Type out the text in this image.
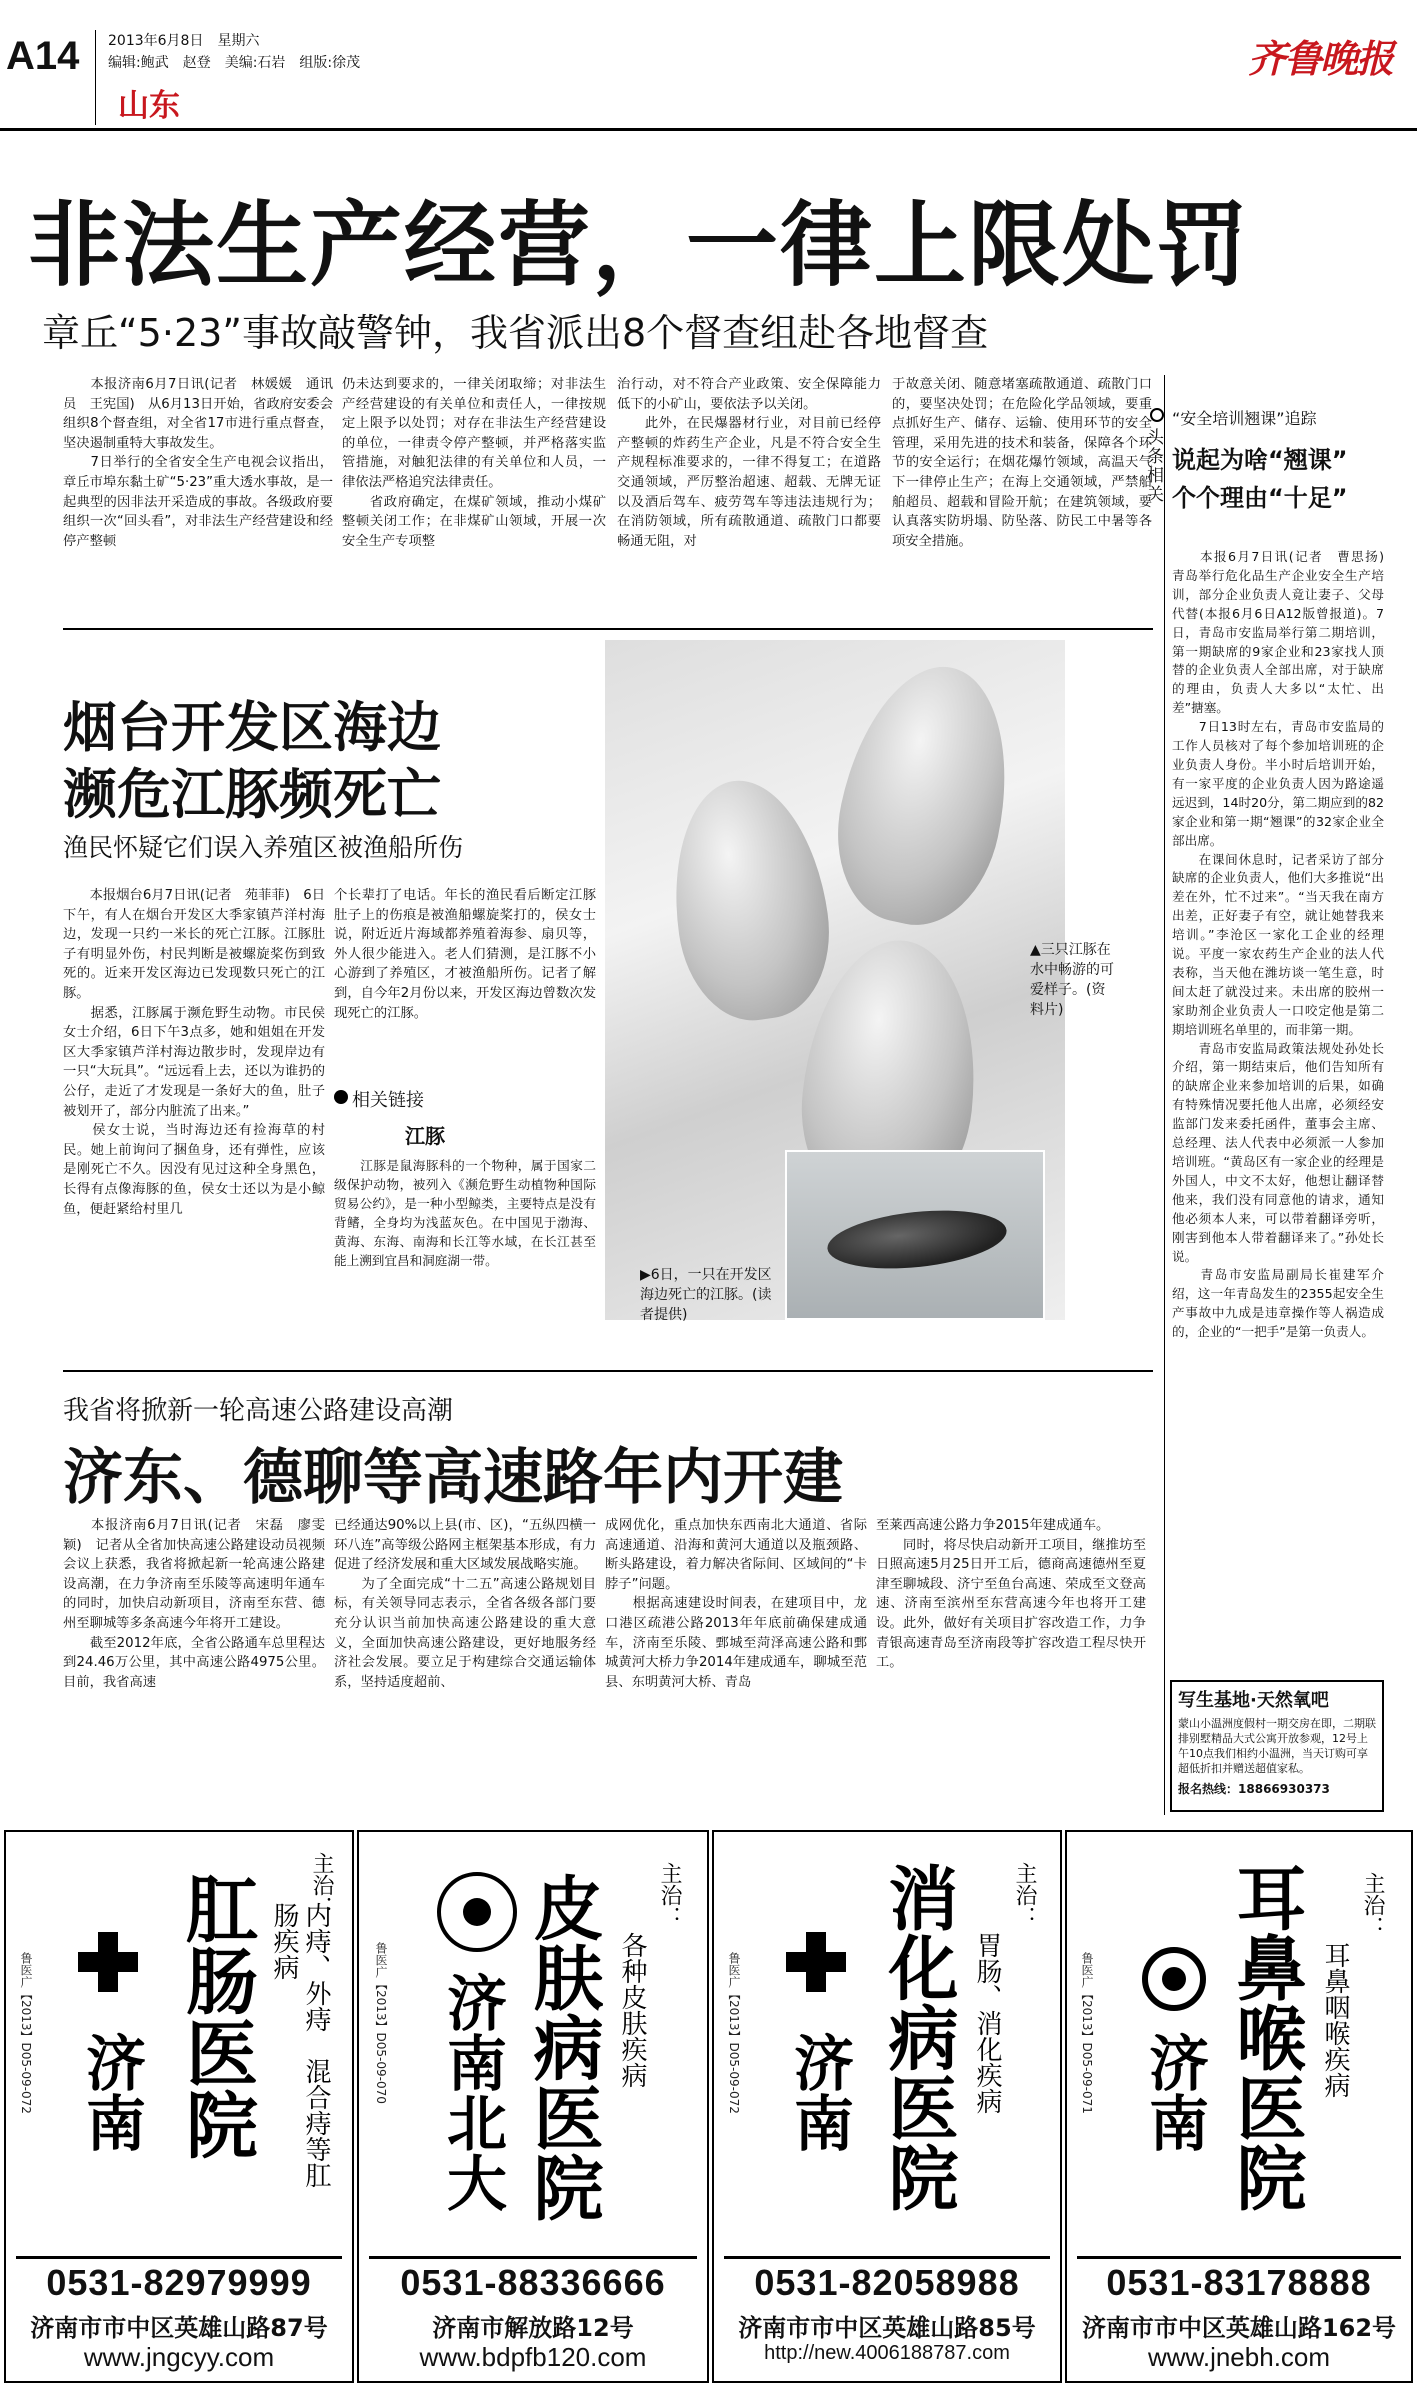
A14 2013年6月8日　星期六
编辑:鲍武　赵登　美编:石岩　组版:徐茂
山东
齐鲁晚报
非法生产经营，一律上限处罚
章丘“5·23”事故敲警钟，我省派出8个督查组赴各地督查
　　本报济南6月7日讯(记者　林媛媛　通讯员　王宪国)　从6月13日开始，省政府安委会组织8个督查组，对全省17市进行重点督查，坚决遏制重特大事故发生。
　　7日举行的全省安全生产电视会议指出，章丘市埠东黏土矿“5·23”重大透水事故，是一起典型的因非法开采造成的事故。各级政府要组织一次“回头看”，对非法生产经营建设和经停产整顿
仍未达到要求的，一律关闭取缔；对非法生产经营建设的有关单位和责任人，一律按规定上限予以处罚；对存在非法生产经营建设的单位，一律责令停产整顿，并严格落实监管措施，对触犯法律的有关单位和人员，一律依法严格追究法律责任。
　　省政府确定，在煤矿领域，推动小煤矿整顿关闭工作；在非煤矿山领域，开展一次安全生产专项整
治行动，对不符合产业政策、安全保障能力低下的小矿山，要依法予以关闭。
　　此外，在民爆器材行业，对目前已经停产整顿的炸药生产企业，凡是不符合安全生产规程标准要求的，一律不得复工；在道路交通领域，严厉整治超速、超载、无牌无证以及酒后驾车、疲劳驾车等违法违规行为；在消防领域，所有疏散通道、疏散门口都要畅通无阻，对
于故意关闭、随意堵塞疏散通道、疏散门口的，要坚决处罚；在危险化学品领域，要重点抓好生产、储存、运输、使用环节的安全管理，采用先进的技术和装备，保障各个环节的安全运行；在烟花爆竹领域，高温天气下一律停止生产；在海上交通领域，严禁船舶超员、超载和冒险开航；在建筑领域，要认真落实防坍塌、防坠落、防民工中暑等各项安全措施。
头条相关
“安全培训翘课”追踪
说起为啥“翘课”
个个理由“十足”
　　本报6月7日讯(记者　曹思扬)　青岛举行危化品生产企业安全生产培训，部分企业负责人竟让妻子、父母代替(本报6月6日A12版曾报道)。7日，青岛市安监局举行第二期培训，第一期缺席的9家企业和23家找人顶替的企业负责人全部出席，对于缺席的理由，负责人大多以“太忙、出差”搪塞。
　　7日13时左右，青岛市安监局的工作人员核对了每个参加培训班的企业负责人身份。半小时后培训开始，有一家平度的企业负责人因为路途遥远迟到，14时20分，第二期应到的82家企业和第一期“翘课”的32家企业全部出席。
　　在课间休息时，记者采访了部分缺席的企业负责人，他们大多推说“出差在外，忙不过来”。“当天我在南方出差，正好妻子有空，就让她替我来培训。”李沧区一家化工企业的经理说。平度一家农药生产企业的法人代表称，当天他在潍坊谈一笔生意，时间太赶了就没过来。未出席的胶州一家助剂企业负责人一口咬定他是第二期培训班名单里的，而非第一期。
　　青岛市安监局政策法规处孙处长介绍，第一期结束后，他们告知所有的缺席企业来参加培训的后果，如确有特殊情况要托他人出席，必须经安监部门发来委托函件，董事会主席、总经理、法人代表中必须派一人参加培训班。“黄岛区有一家企业的经理是外国人，中文不太好，他想让翻译替他来，我们没有同意他的请求，通知他必须本人来，可以带着翻译旁听，刚害到他本人带着翻译来了。”孙处长说。
　　青岛市安监局副局长崔建军介绍，这一年青岛发生的2355起安全生产事故中九成是违章操作等人祸造成的，企业的“一把手”是第一负责人。
写生基地·天然氧吧
蒙山小温洲度假村一期交房在即，二期联排别墅精品大式公寓开放参观，12号上午10点我们相约小温洲，当天订购可享超低折扣并赠送超值家私。
报名热线：18866930373
烟台开发区海边
濒危江豚频死亡
渔民怀疑它们误入养殖区被渔船所伤
　　本报烟台6月7日讯(记者　苑菲菲)　6日下午，有人在烟台开发区大季家镇芦洋村海边，发现一只约一米长的死亡江豚。江豚肚子有明显外伤，村民判断是被螺旋桨伤到致死的。近来开发区海边已发现数只死亡的江豚。
　　据悉，江豚属于濒危野生动物。市民侯女士介绍，6日下午3点多，她和姐姐在开发区大季家镇芦洋村海边散步时，发现岸边有一只“大玩具”。“远远看上去，还以为谁扔的公仔，走近了才发现是一条好大的鱼，肚子被划开了，部分内脏流了出来。”
　　侯女士说，当时海边还有捡海草的村民。她上前询问了捆鱼身，还有弹性，应该是刚死亡不久。因没有见过这种全身黑色，长得有点像海豚的鱼，侯女士还以为是小鲸鱼，便赶紧给村里几
个长辈打了电话。年长的渔民看后断定江豚肚子上的伤痕是被渔船螺旋桨打的，侯女士说，附近近片海域都养殖着海参、扇贝等，外人很少能进入。老人们猜测，是江豚不小心游到了养殖区，才被渔船所伤。记者了解到，自今年2月份以来，开发区海边曾数次发现死亡的江豚。
相关链接
江豚
　　江豚是鼠海豚科的一个物种，属于国家二级保护动物，被列入《濒危野生动植物种国际贸易公约》，是一种小型鲸类，主要特点是没有背鳍，全身均为浅蓝灰色。在中国见于渤海、黄海、东海、南海和长江等水域，在长江甚至能上溯到宜昌和洞庭湖一带。
▲三只江豚在水中畅游的可爱样子。(资料片)
▶6日，一只在开发区海边死亡的江豚。(读者提供)
我省将掀新一轮高速公路建设高潮
济东、德聊等高速路年内开建
　　本报济南6月7日讯(记者　宋磊　廖雯颖)　记者从全省加快高速公路建设动员视频会议上获悉，我省将掀起新一轮高速公路建设高潮，在力争济南至乐陵等高速明年通车的同时，加快启动新项目，济南至东营、德州至聊城等多条高速今年将开工建设。
　　截至2012年底，全省公路通车总里程达到24.46万公里，其中高速公路4975公里。目前，我省高速
已经通达90%以上县(市、区)，“五纵四横一环八连”高等级公路网主框架基本形成，有力促进了经济发展和重大区域发展战略实施。
　　为了全面完成“十二五”高速公路规划目标，有关领导同志表示，全省各级各部门要充分认识当前加快高速公路建设的重大意义，全面加快高速公路建设，更好地服务经济社会发展。要立足于构建综合交通运输体系，坚持适度超前、
成网优化，重点加快东西南北大通道、省际高速通道、沿海和黄河大通道以及瓶颈路、断头路建设，着力解决省际间、区域间的“卡脖子”问题。
　　根据高速建设时间表，在建项目中，龙口港区疏港公路2013年年底前确保建成通车，济南至乐陵、鄄城至菏泽高速公路和鄄城黄河大桥力争2014年建成通车，聊城至范县、东明黄河大桥、青岛
至莱西高速公路力争2015年建成通车。
　　同时，将尽快启动新开工项目，继推坊至日照高速5月25日开工后，德商高速德州至夏津至聊城段、济宁至鱼台高速、荣成至文登高速、济南至滨州至东营高速今年也将开工建设。此外，做好有关项目扩容改造工作，力争青银高速青岛至济南段等扩容改造工程尽快开工。
肛肠医院
济南
主治：
内痔、外痔　混合痔等肛肠疾病
鲁医广【2013】D05-09-072
0531-82979999
济南市市中区英雄山路87号
www.jngcyy.com
皮肤病医院
济南北大
主治：
各种皮肤疾病
鲁医广【2013】D05-09-070
0531-88336666
济南市解放路12号
www.bdpfb120.com
消化病医院
济南
主治：
胃肠、消化疾病
鲁医广【2013】D05-09-072
0531-82058988
济南市市中区英雄山路85号
http://new.4006188787.com
耳鼻喉医院
济南
主治：
耳鼻咽喉疾病
鲁医广【2013】D05-09-071
0531-83178888
济南市市中区英雄山路162号
www.jnebh.com
